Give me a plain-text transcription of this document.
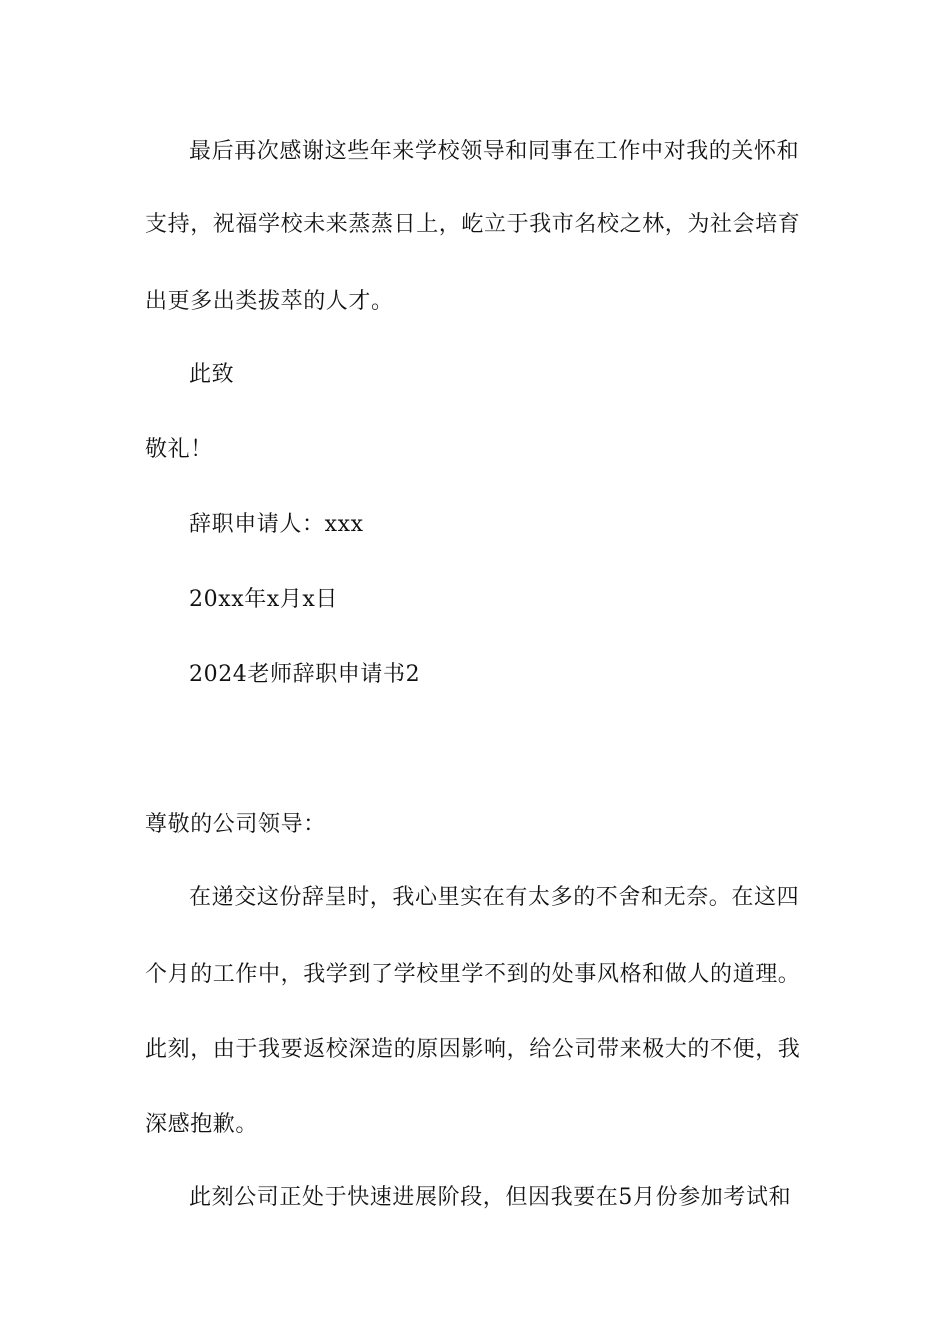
最后再次感谢这些年来学校领导和同事在工作中对我的关怀和
支持，祝福学校未来蒸蒸日上，屹立于我市名校之林，为社会培育
出更多出类拔萃的人才。
此致
敬礼！
辞职申请人：xxx
20xx年x月x日
2024老师辞职申请书2
尊敬的公司领导：
在递交这份辞呈时，我心里实在有太多的不舍和无奈。在这四
个月的工作中，我学到了学校里学不到的处事风格和做人的道理。
此刻，由于我要返校深造的原因影响，给公司带来极大的不便，我
深感抱歉。
此刻公司正处于快速进展阶段，但因我要在5月份参加考试和
